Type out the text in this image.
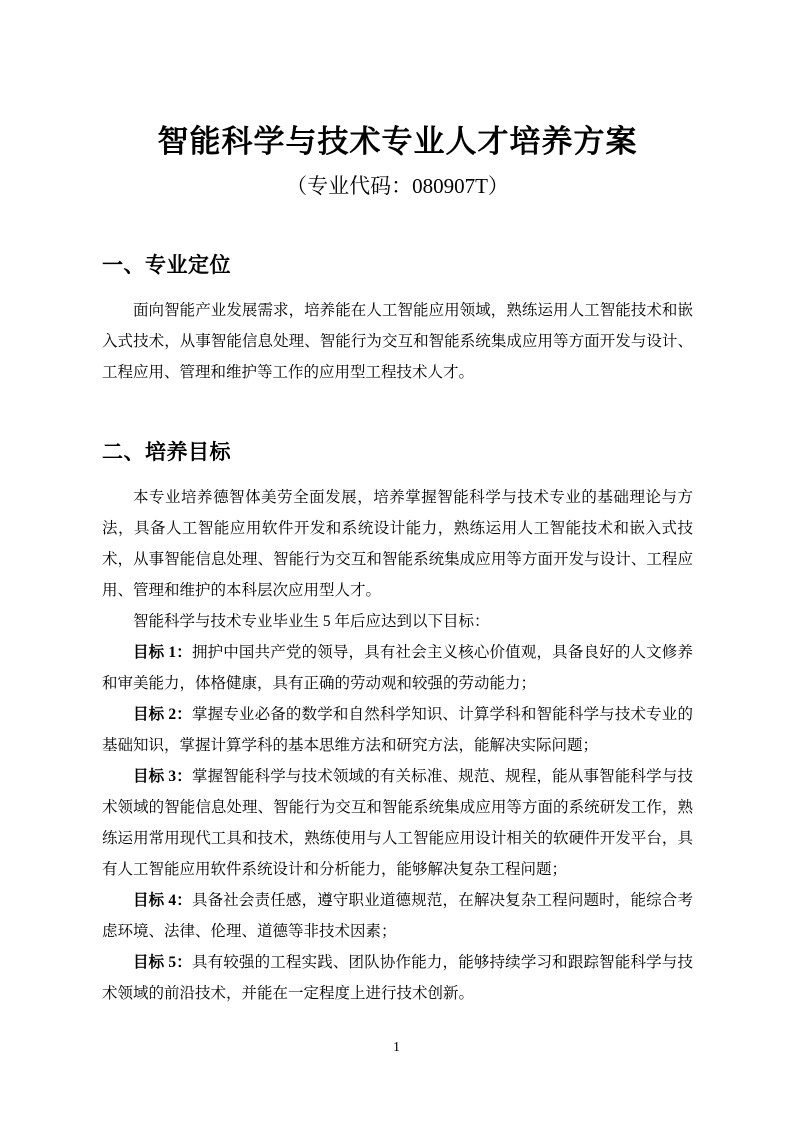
智能科学与技术专业人才培养方案
（专业代码：080907T）
一、专业定位

面向智能产业发展需求，培养能在人工智能应用领域，熟练运用人工智能技术和嵌入式技术，从事智能信息处理、智能行为交互和智能系统集成应用等方面开发与设计、工程应用、管理和维护等工作的应用型工程技术人才。

二、培养目标

本专业培养德智体美劳全面发展，培养掌握智能科学与技术专业的基础理论与方法，具备人工智能应用软件开发和系统设计能力，熟练运用人工智能技术和嵌入式技术，从事智能信息处理、智能行为交互和智能系统集成应用等方面开发与设计、工程应用、管理和维护的本科层次应用型人才。

智能科学与技术专业毕业生 5 年后应达到以下目标：

目标 1：拥护中国共产党的领导，具有社会主义核心价值观，具备良好的人文修养和审美能力，体格健康，具有正确的劳动观和较强的劳动能力；

目标 2：掌握专业必备的数学和自然科学知识、计算学科和智能科学与技术专业的基础知识，掌握计算学科的基本思维方法和研究方法，能解决实际问题；

目标 3：掌握智能科学与技术领域的有关标准、规范、规程，能从事智能科学与技术领域的智能信息处理、智能行为交互和智能系统集成应用等方面的系统研发工作，熟练运用常用现代工具和技术，熟练使用与人工智能应用设计相关的软硬件开发平台，具有人工智能应用软件系统设计和分析能力，能够解决复杂工程问题；

目标 4：具备社会责任感，遵守职业道德规范，在解决复杂工程问题时，能综合考虑环境、法律、伦理、道德等非技术因素；

目标 5：具有较强的工程实践、团队协作能力，能够持续学习和跟踪智能科学与技术领域的前沿技术，并能在一定程度上进行技术创新。

1
